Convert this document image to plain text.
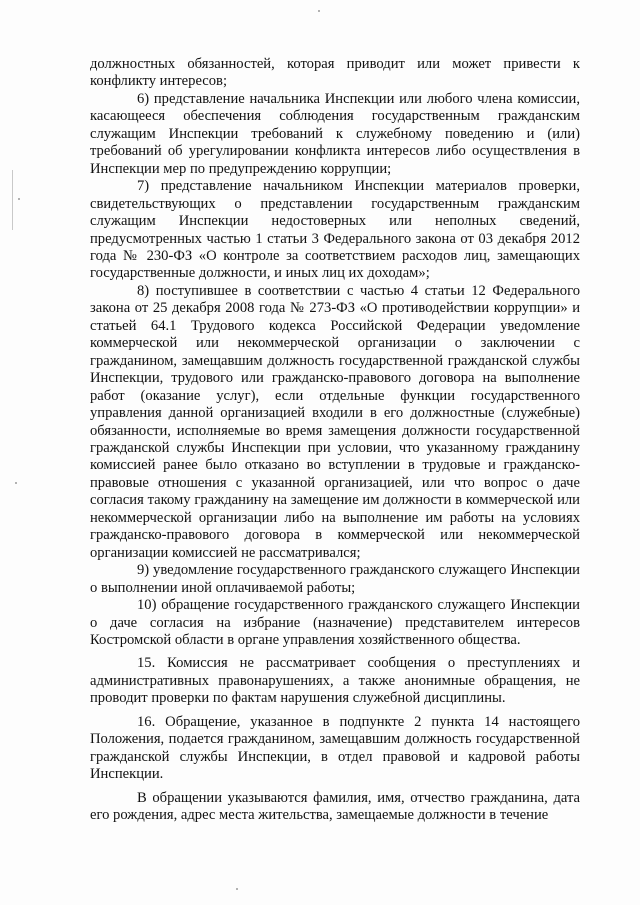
должностных обязанностей, которая приводит или может привести к конфликту интересов;

6) представление начальника Инспекции или любого члена комиссии, касающееся обеспечения соблюдения государственным гражданским служащим Инспекции требований к служебному поведению и (или) требований об урегулировании конфликта интересов либо осуществления в Инспекции мер по предупреждению коррупции;

7) представление начальником Инспекции материалов проверки, свидетельствующих о представлении государственным гражданским служащим Инспекции недостоверных или неполных сведений, предусмотренных частью 1 статьи 3 Федерального закона от 03 декабря 2012 года № 230-ФЗ «О контроле за соответствием расходов лиц, замещающих государственные должности, и иных лиц их доходам»;

8) поступившее в соответствии с частью 4 статьи 12 Федерального закона от 25 декабря 2008 года № 273-ФЗ «О противодействии коррупции» и статьей 64.1 Трудового кодекса Российской Федерации уведомление коммерческой или некоммерческой организации о заключении с гражданином, замещавшим должность государственной гражданской службы Инспекции, трудового или гражданско-правового договора на выполнение работ (оказание услуг), если отдельные функции государственного управления данной организацией входили в его должностные (служебные) обязанности, исполняемые во время замещения должности государственной гражданской службы Инспекции при условии, что указанному гражданину комиссией ранее было отказано во вступлении в трудовые и гражданско-правовые отношения с указанной организацией, или что вопрос о даче согласия такому гражданину на замещение им должности в коммерческой или некоммерческой организации либо на выполнение им работы на условиях гражданско-правового договора в коммерческой или некоммерческой организации комиссией не рассматривался;

9) уведомление государственного гражданского служащего Инспекции о выполнении иной оплачиваемой работы;

10) обращение государственного гражданского служащего Инспекции о даче согласия на избрание (назначение) представителем интересов Костромской области в органе управления хозяйственного общества.

15. Комиссия не рассматривает сообщения о преступлениях и административных правонарушениях, а также анонимные обращения, не проводит проверки по фактам нарушения служебной дисциплины.

16. Обращение, указанное в подпункте 2 пункта 14 настоящего Положения, подается гражданином, замещавшим должность государственной гражданской службы Инспекции, в отдел правовой и кадровой работы Инспекции.

В обращении указываются фамилия, имя, отчество гражданина, дата его рождения, адрес места жительства, замещаемые должности в течение
